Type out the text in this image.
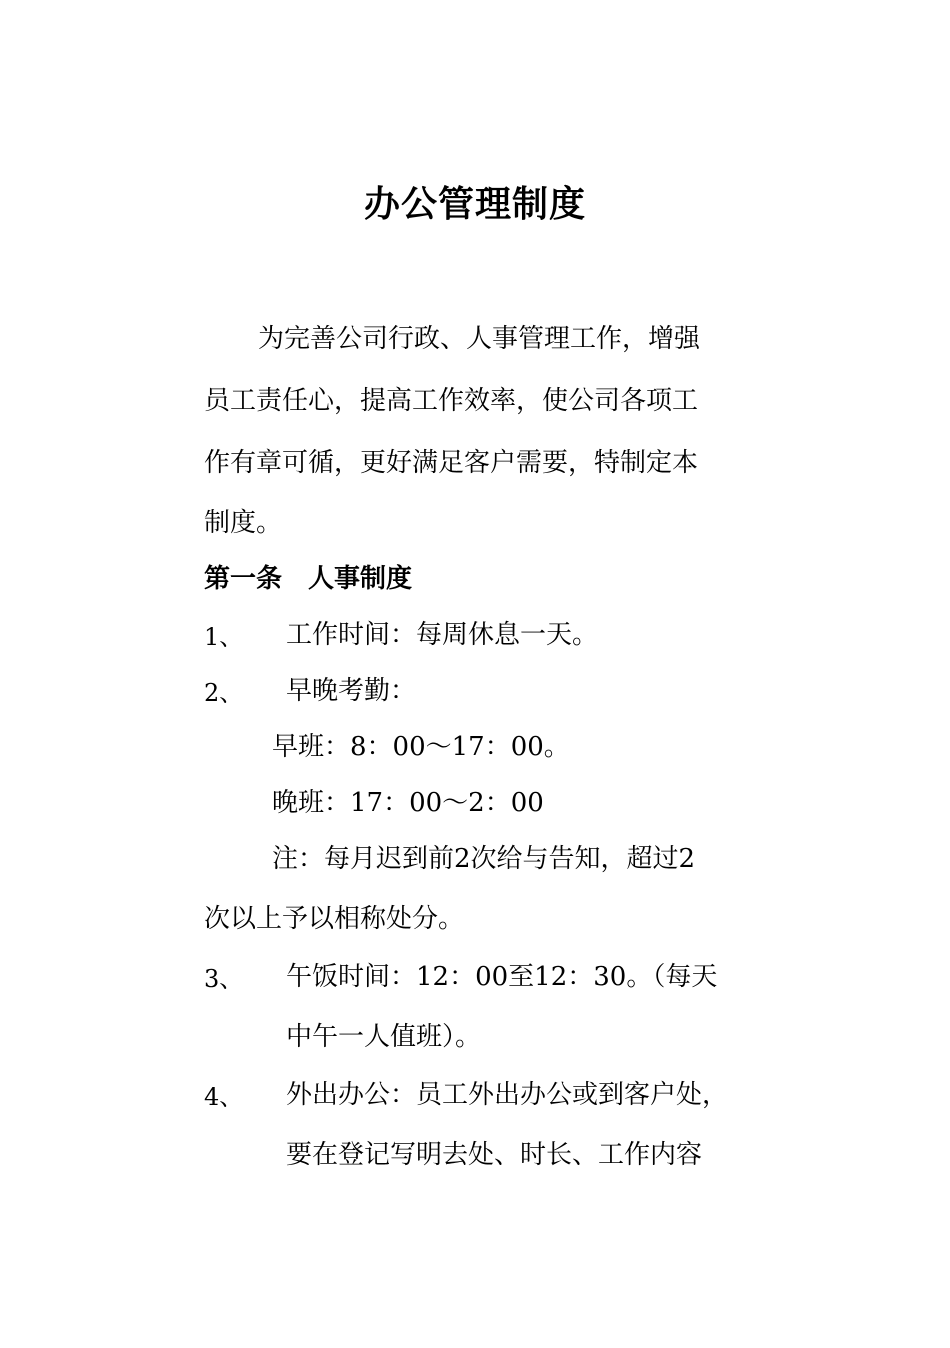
办公管理制度
为完善公司行政、人事管理工作，增强
员工责任心，提高工作效率，使公司各项工
作有章可循，更好满足客户需要，特制定本
制度。
第一条　人事制度
1、 工作时间：每周休息一天。
2、 早晚考勤：
早班：8：00～17：00。
晚班：17：00～2：00
注：每月迟到前2次给与告知，超过2
次以上予以相称处分。
3、 午饭时间：12：00至12：30。（每天
中午一人值班）。
4、 外出办公：员工外出办公或到客户处，
要在登记写明去处、时长、工作内容
